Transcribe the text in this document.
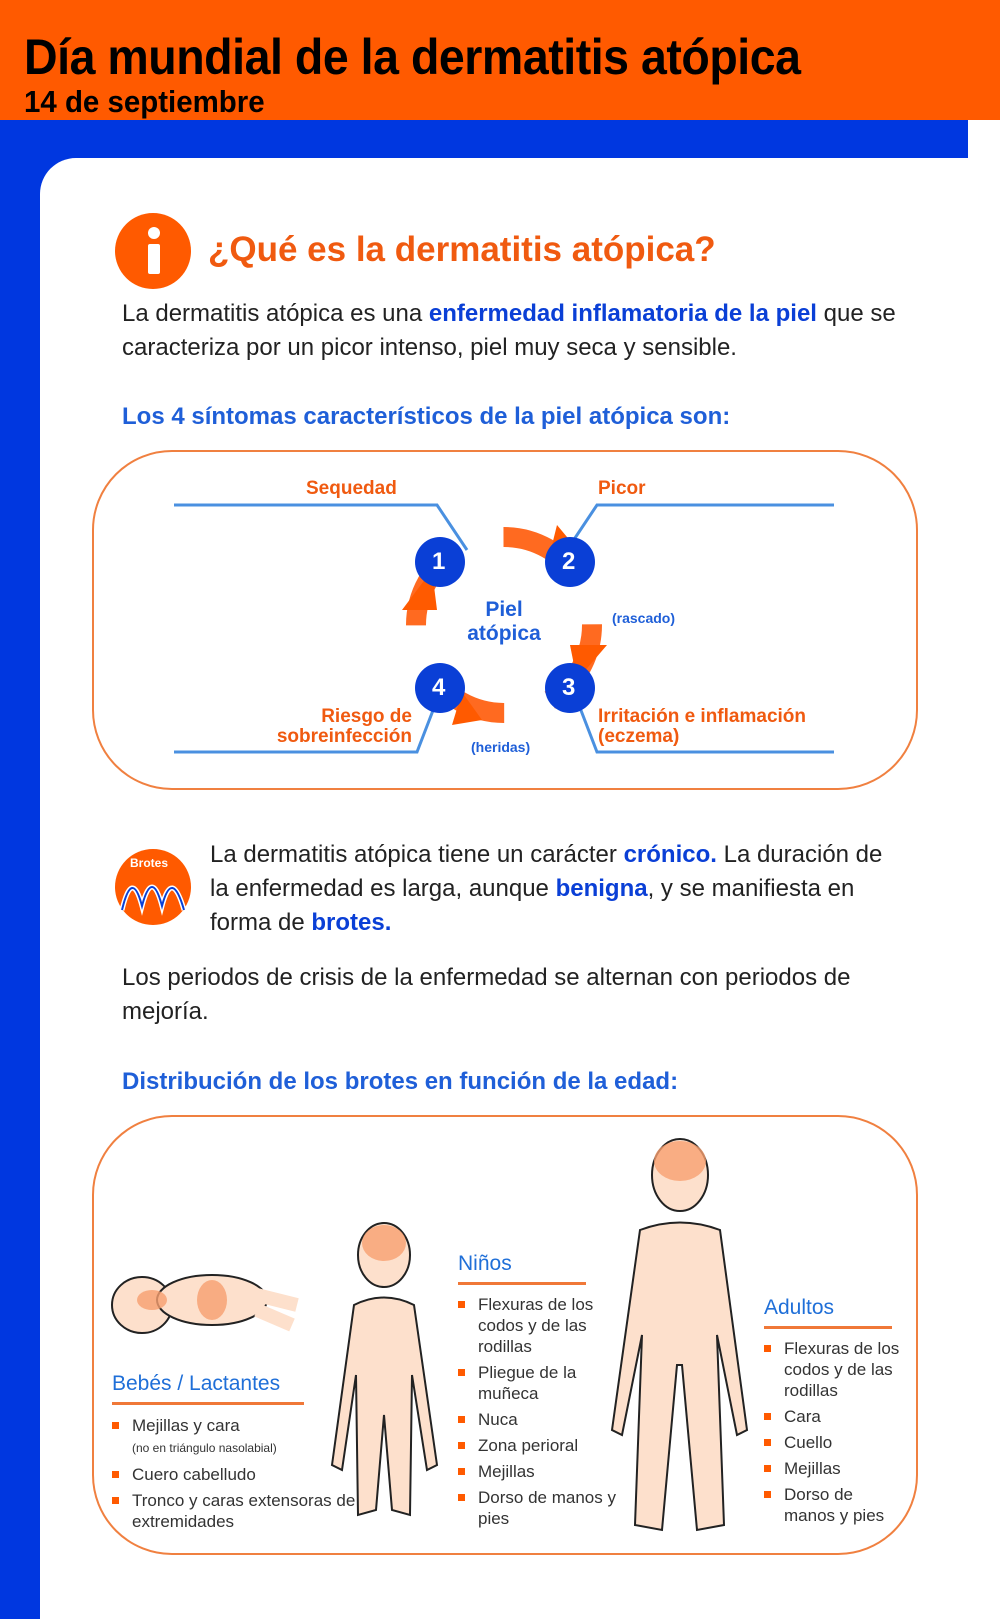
Día mundial de la dermatitis atópica
14 de septiembre
¿Qué es la dermatitis atópica?
La dermatitis atópica es una enfermedad inflamatoria de la piel que se caracteriza por un picor intenso, piel muy seca y sensible.
Los 4 síntomas característicos de la piel atópica son:
1	2
3
4
Piel atópica
Sequedad	Picor
Irritación e inflamación (eczema)
Riesgo de sobreinfección
(rascado)
(heridas)
Brotes La dermatitis atópica tiene un carácter crónico. La duración de la enfermedad es larga, aunque benigna, y se manifiesta en forma de brotes.
Los periodos de crisis de la enfermedad se alternan con periodos de mejoría.
Distribución de los brotes en función de la edad:
Bebés / Lactantes
Mejillas y cara
(no en triángulo nasolabial)
Cuero cabelludo
Tronco y caras extensoras de extremidades
Niños
Flexuras de los codos y de las rodillas
Pliegue de la muñeca
Nuca
Zona perioral
Mejillas
Dorso de manos y pies
Adultos
Flexuras de los codos y de las rodillas
Cara
Cuello
Mejillas
Dorso de manos y pies
